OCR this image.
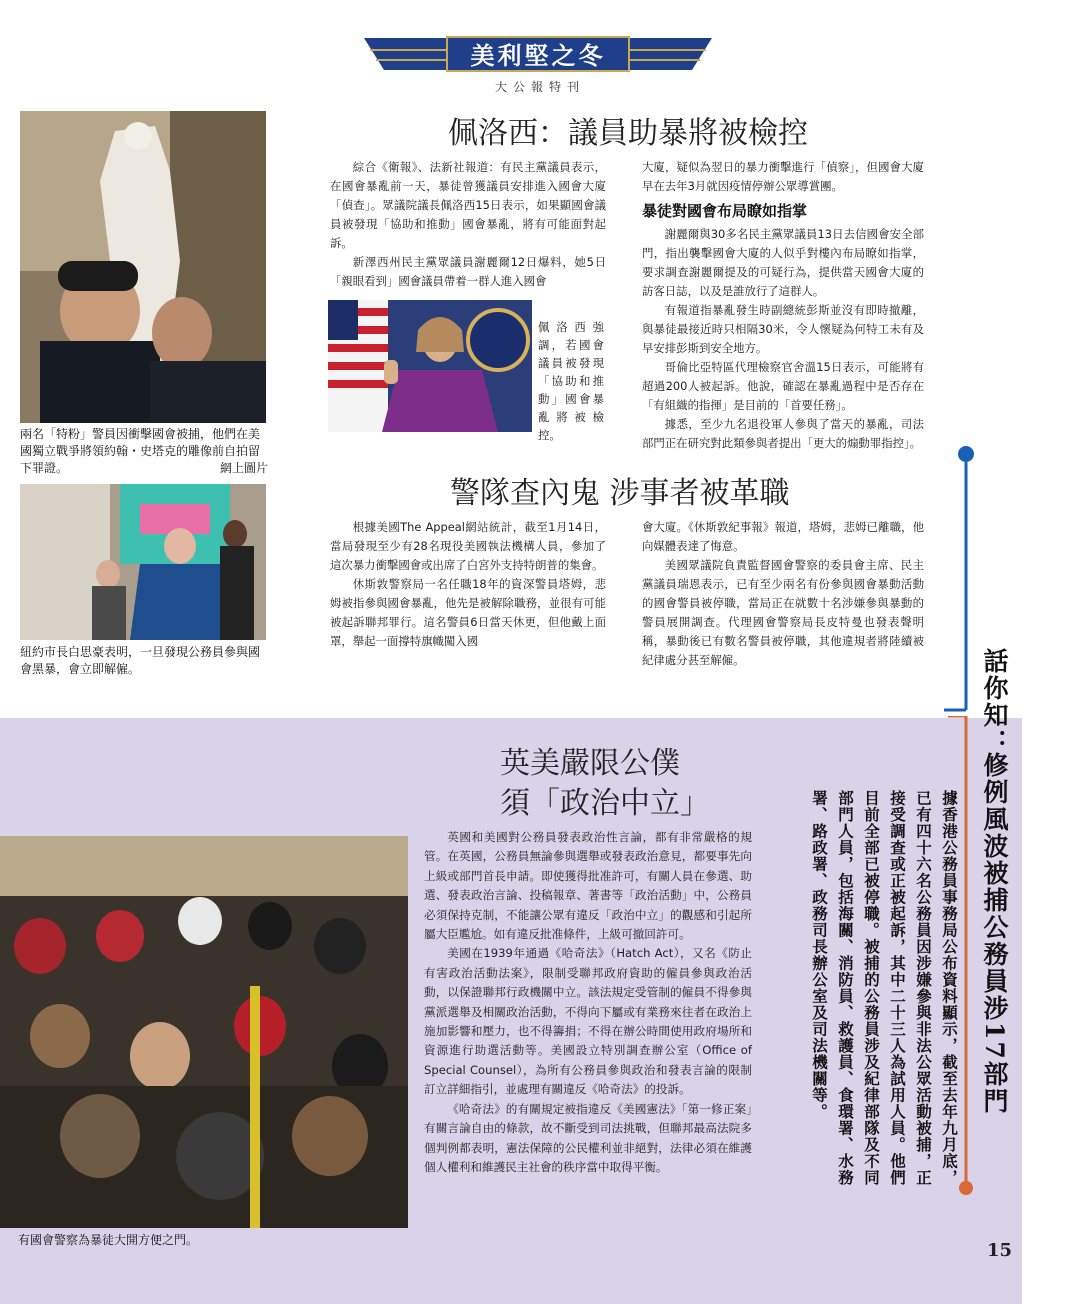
美利堅之冬
大公報特刊
兩名「特粉」警員因衝擊國會被捕，他們在美國獨立戰爭將領約翰・史塔克的雕像前自拍留下罪證。	網上圖片
紐約市長白思豪表明，一旦發現公務員參與國會黑暴，會立即解僱。
佩洛西：議員助暴將被檢控

綜合《衛報》、法新社報道：有民主黨議員表示，在國會暴亂前一天，暴徒曾獲議員安排進入國會大廈「偵查」。眾議院議長佩洛西15日表示，如果顯國會議員被發現「協助和推動」國會暴亂，將有可能面對起訴。

新澤西州民主黨眾議員謝麗爾12日爆料，她5日「親眼看到」國會議員帶着一群人進入國會

佩洛西強調，若國會議員被發現「協助和推動」國會暴亂將被檢控。
大廈，疑似為翌日的暴力衝擊進行「偵察」，但國會大廈早在去年3月就因疫情停辦公眾導賞團。
暴徒對國會布局瞭如指掌

謝麗爾與30多名民主黨眾議員13日去信國會安全部門，指出襲擊國會大廈的人似乎對樓內布局瞭如指掌，要求調查謝麗爾提及的可疑行為，提供當天國會大廈的訪客日誌，以及是誰放行了這群人。

有報道指暴亂發生時副總統彭斯並沒有即時撤離，與暴徒最接近時只相隔30米，令人懷疑為何特工未有及早安排彭斯到安全地方。

哥倫比亞特區代理檢察官舍溫15日表示，可能將有超過200人被起訴。他說，確認在暴亂過程中是否存在「有組織的指揮」是目前的「首要任務」。

據悉，至少九名退役軍人參與了當天的暴亂，司法部門正在研究對此類參與者提出「更大的煽動罪指控」。

警隊查內鬼 涉事者被革職

根據美國The Appeal網站統計，截至1月14日，當局發現至少有28名現役美國執法機構人員，參加了這次暴力衝擊國會或出席了白宮外支持特朗普的集會。

休斯敦警察局一名任職18年的資深警員塔姆，悲姆被指參與國會暴亂，他先是被解除職務，並很有可能被起訴聯邦罪行。這名警員6日當天休更，但他戴上面罩，舉起一面撐特旗幟闖入國

會大廈。《休斯敦紀事報》報道，塔姆，悲姆已離職，他向媒體表達了悔意。

美國眾議院負責監督國會警察的委員會主席、民主黨議員瑞恩表示，已有至少兩名有份參與國會暴動活動的國會警員被停職，當局正在就數十名涉嫌參與暴動的警員展開調查。代理國會警察局長皮特曼也發表聲明稱，暴動後已有數名警員被停職，其他違規者將陸續被紀律處分甚至解僱。

有國會警察為暴徒大開方便之門。
英美嚴限公僕
須「政治中立」

英國和美國對公務員發表政治性言論，都有非常嚴格的規管。在英國，公務員無論參與選舉或發表政治意見，都要事先向上級或部門首長申請。即使獲得批准許可，有關人員在參選、助選、發表政治言論、投稿報章、著書等「政治活動」中，公務員必須保持克制，不能讓公眾有違反「政治中立」的觀感和引起所屬大臣尷尬。如有違反批准條件，上級可撤回許可。

美國在1939年通過《哈奇法》（Hatch Act），又名《防止有害政治活動法案》，限制受聯邦政府資助的僱員參與政治活動，以保證聯邦行政機關中立。該法規定受管制的僱員不得參與黨派選舉及相關政治活動，不得向下屬或有業務來往者在政治上施加影響和壓力，也不得籌捐；不得在辦公時間使用政府場所和資源進行助選活動等。美國設立特別調查辦公室（Office of Special Counsel），為所有公務員參與政治和發表言論的限制訂立詳細指引，並處理有關違反《哈奇法》的投訴。

《哈奇法》的有關規定被指違反《美國憲法》「第一修正案」有關言論自由的條款，故不斷受到司法挑戰，但聯邦最高法院多個判例都表明，憲法保障的公民權利並非絕對，法律必須在維護個人權利和維護民主社會的秩序當中取得平衡。

話你知：
修例風波被捕公務員涉17部門
據香港公務員事務局公布資料顯示，截至去年九月底，已有四十六名公務員因涉嫌參與非法公眾活動被捕，正接受調查或正被起訴，其中二十三人為試用人員。他們目前全部已被停職。被捕的公務員涉及紀律部隊及不同部門人員，包括海關、消防員、救護員、食環署、水務署、路政署、政務司長辦公室及司法機關等。
15
